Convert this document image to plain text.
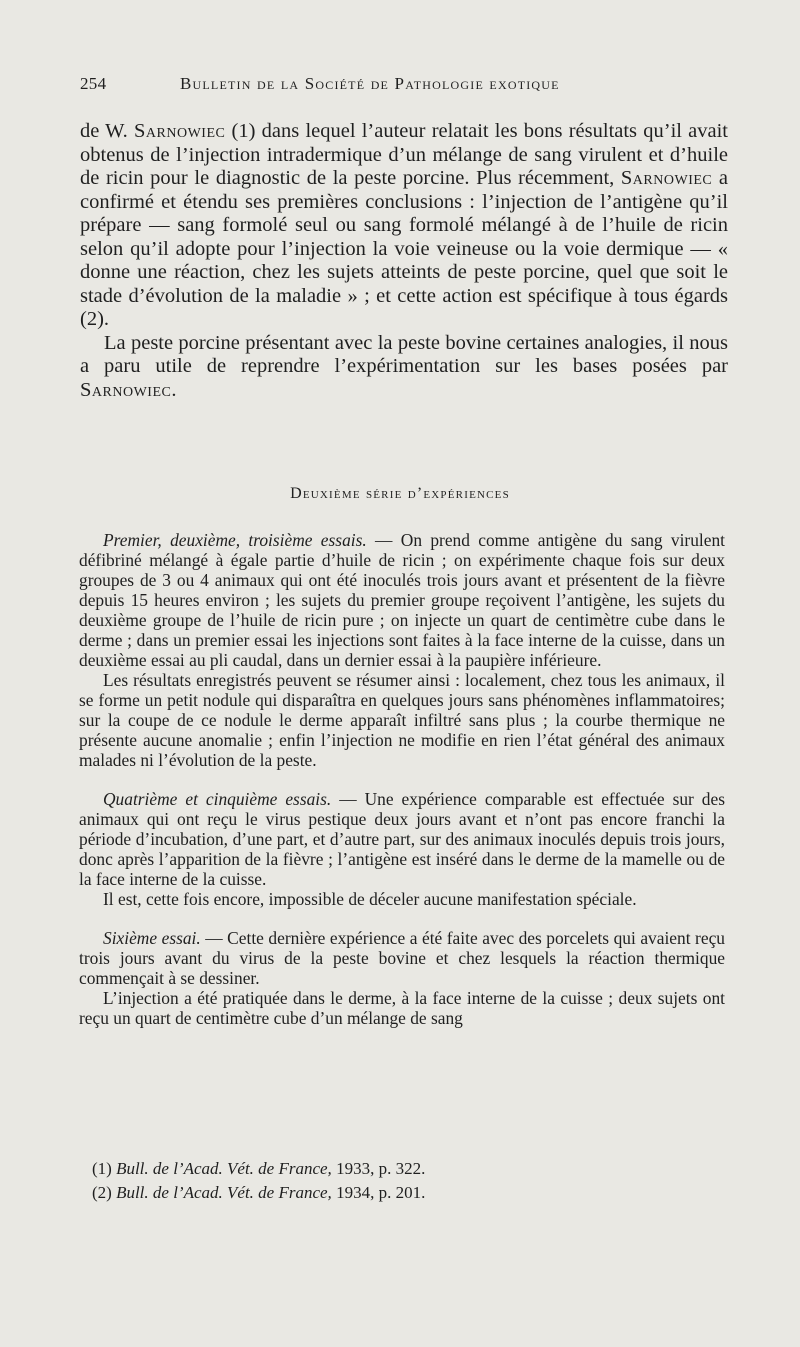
254	Bulletin de la Société de Pathologie exotique

de W. Sarnowiec (1) dans lequel l’auteur relatait les bons résultats qu’il avait obtenus de l’injection intradermique d’un mélange de sang virulent et d’huile de ricin pour le diagnostic de la peste porcine. Plus récemment, Sarnowiec a confirmé et étendu ses premières conclusions : l’injection de l’antigène qu’il prépare — sang formolé seul ou sang formolé mélangé à de l’huile de ricin selon qu’il adopte pour l’injection la voie veineuse ou la voie dermique — « donne une réaction, chez les sujets atteints de peste porcine, quel que soit le stade d’évolution de la maladie » ; et cette action est spécifique à tous égards (2).

La peste porcine présentant avec la peste bovine certaines analogies, il nous a paru utile de reprendre l’expérimentation sur les bases posées par Sarnowiec.

Deuxième série d’expériences

Premier, deuxième, troisième essais. — On prend comme antigène du sang virulent défibriné mélangé à égale partie d’huile de ricin ; on expérimente chaque fois sur deux groupes de 3 ou 4 animaux qui ont été inoculés trois jours avant et présentent de la fièvre depuis 15 heures environ ; les sujets du premier groupe reçoivent l’antigène, les sujets du deuxième groupe de l’huile de ricin pure ; on injecte un quart de centimètre cube dans le derme ; dans un premier essai les injections sont faites à la face interne de la cuisse, dans un deuxième essai au pli caudal, dans un dernier essai à la paupière inférieure.

Les résultats enregistrés peuvent se résumer ainsi : localement, chez tous les animaux, il se forme un petit nodule qui disparaîtra en quelques jours sans phénomènes inflammatoires; sur la coupe de ce nodule le derme apparaît infiltré sans plus ; la courbe thermique ne présente aucune anomalie ; enfin l’injection ne modifie en rien l’état général des animaux malades ni l’évolution de la peste.

Quatrième et cinquième essais. — Une expérience comparable est effectuée sur des animaux qui ont reçu le virus pestique deux jours avant et n’ont pas encore franchi la période d’incubation, d’une part, et d’autre part, sur des animaux inoculés depuis trois jours, donc après l’apparition de la fièvre ; l’antigène est inséré dans le derme de la mamelle ou de la face interne de la cuisse.

Il est, cette fois encore, impossible de déceler aucune manifestation spéciale.

Sixième essai. — Cette dernière expérience a été faite avec des porcelets qui avaient reçu trois jours avant du virus de la peste bovine et chez lesquels la réaction thermique commençait à se dessiner.

L’injection a été pratiquée dans le derme, à la face interne de la cuisse ; deux sujets ont reçu un quart de centimètre cube d’un mélange de sang

(1) Bull. de l’Acad. Vét. de France, 1933, p. 322.
(2) Bull. de l’Acad. Vét. de France, 1934, p. 201.
